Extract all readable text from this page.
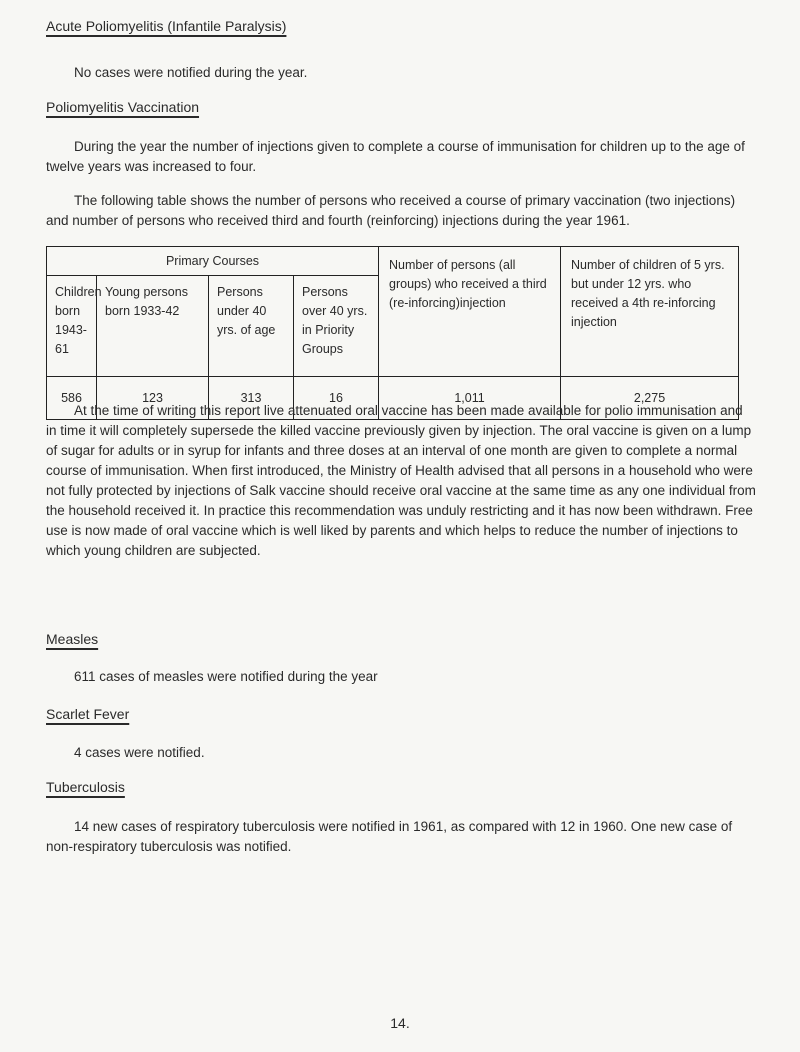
Acute Poliomyelitis (Infantile Paralysis)

No cases were notified during the year.

Poliomyelitis Vaccination

During the year the number of injections given to complete a course of immunisation for children up to the age of twelve years was increased to four.

The following table shows the number of persons who received a course of primary vaccination (two injections) and number of persons who received third and fourth (reinforcing) injections during the year 1961.

Primary Courses				Number of persons (all groups) who received a third (re-inforcing)injection	Number of children of 5 yrs. but under 12 yrs. who received a 4th re-inforcing injection
Children born 1943-61	Young persons born 1933-42	Persons under 40 yrs. of age	Persons over 40 yrs. in Priority Groups		
586	123	313	16	1,011	2,275

At the time of writing this report live attenuated oral vaccine has been made available for polio immunisation and in time it will completely supersede the killed vaccine previously given by injection. The oral vaccine is given on a lump of sugar for adults or in syrup for infants and three doses at an interval of one month are given to complete a normal course of immunisation. When first introduced, the Ministry of Health advised that all persons in a household who were not fully protected by injections of Salk vaccine should receive oral vaccine at the same time as any one individual from the household received it. In practice this recommendation was unduly restricting and it has now been withdrawn. Free use is now made of oral vaccine which is well liked by parents and which helps to reduce the number of injections to which young children are subjected.

Measles

611 cases of measles were notified during the year

Scarlet Fever

4 cases were notified.

Tuberculosis

14 new cases of respiratory tuberculosis were notified in 1961, as compared with 12 in 1960. One new case of non-respiratory tuberculosis was notified.

14.
